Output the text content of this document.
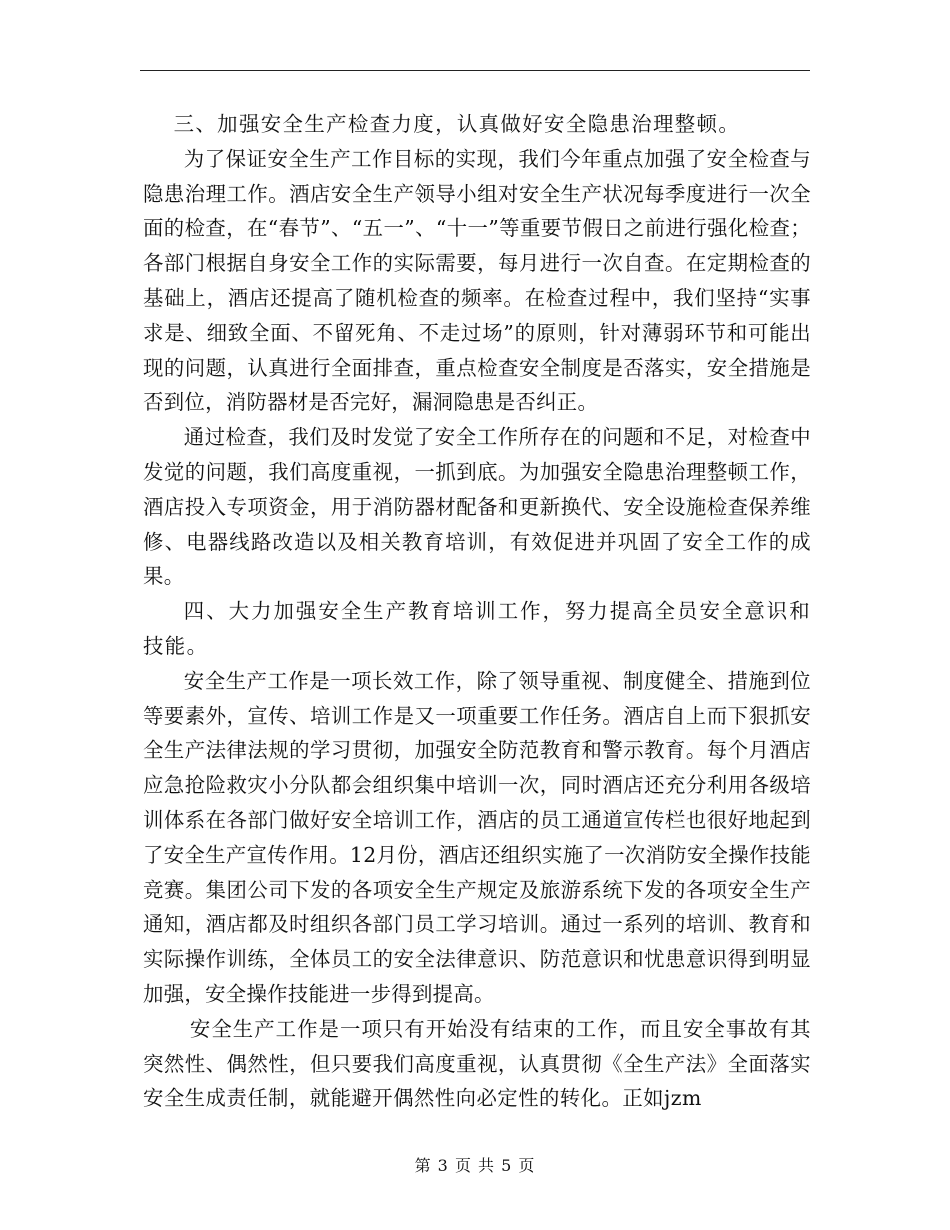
三、加强安全生产检查力度，认真做好安全隐患治理整顿。

为了保证安全生产工作目标的实现，我们今年重点加强了安全检查与隐患治理工作。酒店安全生产领导小组对安全生产状况每季度进行一次全面的检查，在“春节”、“五一”、“十一”等重要节假日之前进行强化检查；各部门根据自身安全工作的实际需要，每月进行一次自查。在定期检查的基础上，酒店还提高了随机检查的频率。在检查过程中，我们坚持“实事求是、细致全面、不留死角、不走过场”的原则，针对薄弱环节和可能出现的问题，认真进行全面排查，重点检查安全制度是否落实，安全措施是否到位，消防器材是否完好，漏洞隐患是否纠正。

通过检查，我们及时发觉了安全工作所存在的问题和不足，对检查中发觉的问题，我们高度重视，一抓到底。为加强安全隐患治理整顿工作，酒店投入专项资金，用于消防器材配备和更新换代、安全设施检查保养维修、电器线路改造以及相关教育培训，有效促进并巩固了安全工作的成果。

四、大力加强安全生产教育培训工作，努力提高全员安全意识和技能。

安全生产工作是一项长效工作，除了领导重视、制度健全、措施到位等要素外，宣传、培训工作是又一项重要工作任务。酒店自上而下狠抓安全生产法律法规的学习贯彻，加强安全防范教育和警示教育。每个月酒店应急抢险救灾小分队都会组织集中培训一次，同时酒店还充分利用各级培训体系在各部门做好安全培训工作，酒店的员工通道宣传栏也很好地起到了安全生产宣传作用。12月份，酒店还组织实施了一次消防安全操作技能竞赛。集团公司下发的各项安全生产规定及旅游系统下发的各项安全生产通知，酒店都及时组织各部门员工学习培训。通过一系列的培训、教育和实际操作训练，全体员工的安全法律意识、防范意识和忧患意识得到明显加强，安全操作技能进一步得到提高。

安全生产工作是一项只有开始没有结束的工作，而且安全事故有其突然性、偶然性，但只要我们高度重视，认真贯彻《全生产法》全面落实安全生成责任制，就能避开偶然性向必定性的转化。正如jzm

第 3 页 共 5 页
